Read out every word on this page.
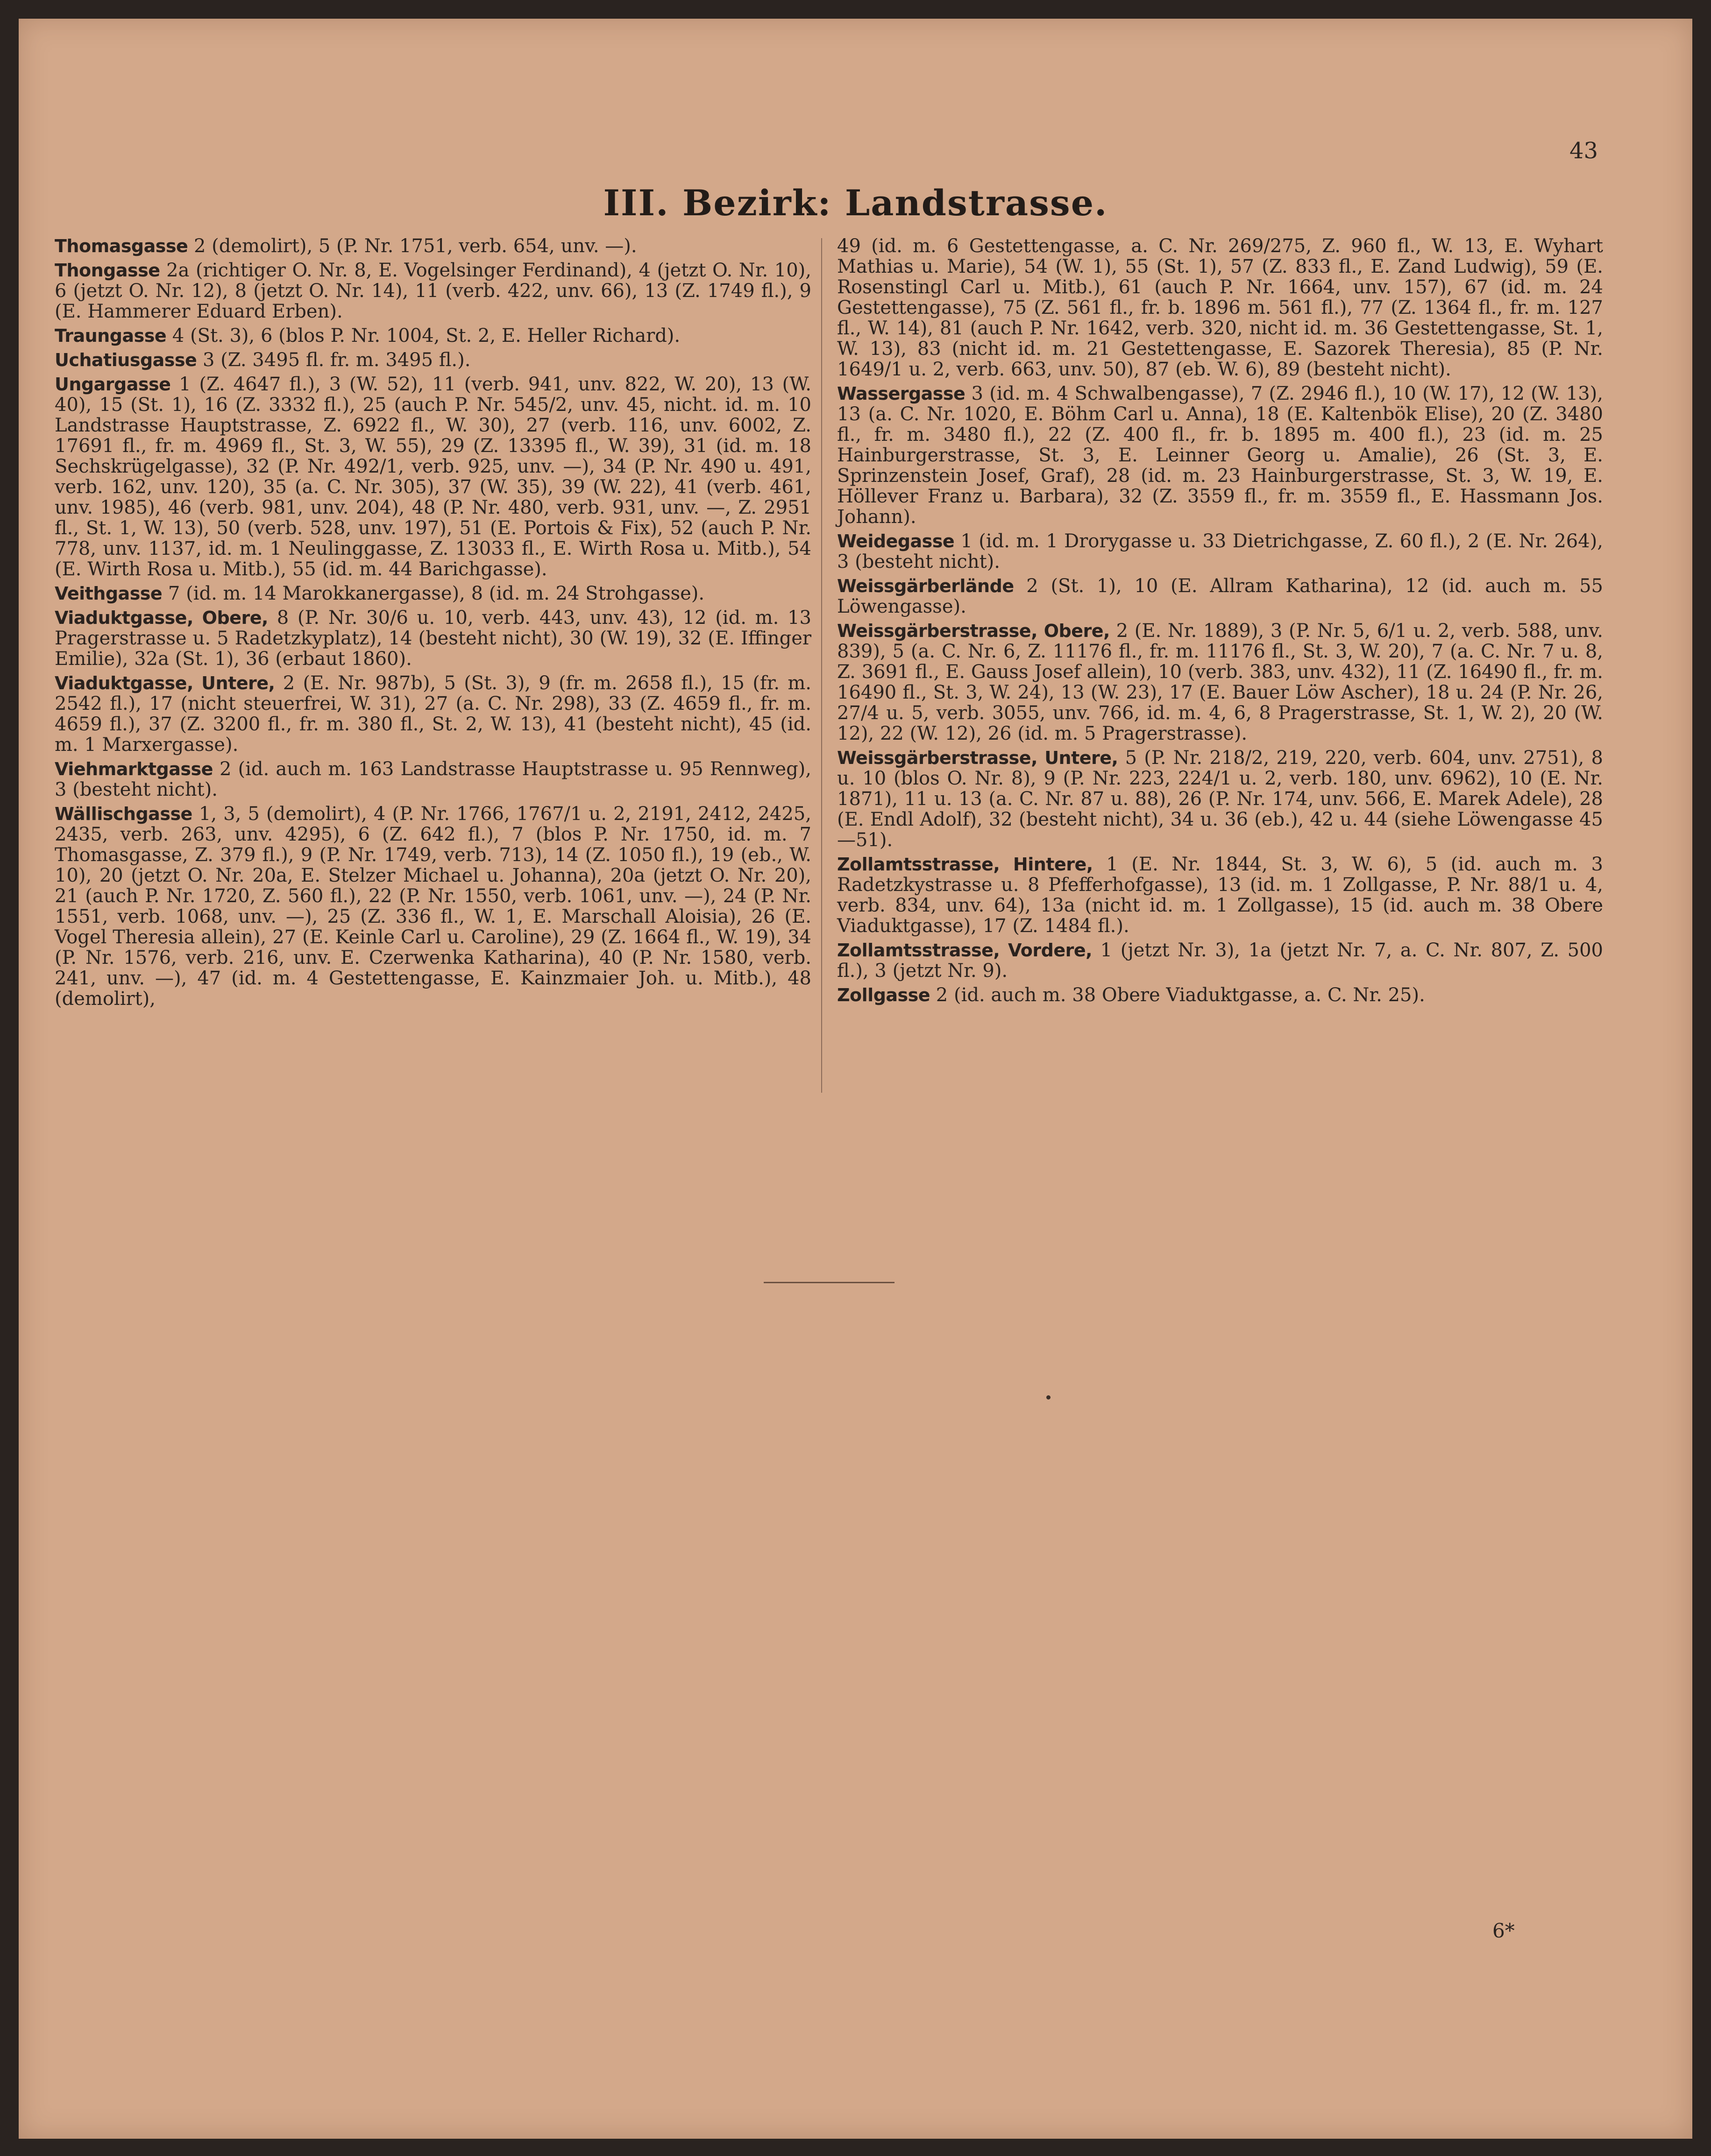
43
III. Bezirk: Landstrasse.

Thomasgasse 2 (demolirt), 5 (P. Nr. 1751, verb. 654, unv. —).

Thongasse 2a (richtiger O. Nr. 8, E. Vogelsinger Ferdinand), 4 (jetzt O. Nr. 10), 6 (jetzt O. Nr. 12), 8 (jetzt O. Nr. 14), 11 (verb. 422, unv. 66), 13 (Z. 1749 fl.), 9 (E. Hammerer Eduard Erben).

Traungasse 4 (St. 3), 6 (blos P. Nr. 1004, St. 2, E. Heller Richard).

Uchatiusgasse 3 (Z. 3495 fl. fr. m. 3495 fl.).

Ungargasse 1 (Z. 4647 fl.), 3 (W. 52), 11 (verb. 941, unv. 822, W. 20), 13 (W. 40), 15 (St. 1), 16 (Z. 3332 fl.), 25 (auch P. Nr. 545/2, unv. 45, nicht. id. m. 10 Landstrasse Hauptstrasse, Z. 6922 fl., W. 30), 27 (verb. 116, unv. 6002, Z. 17691 fl., fr. m. 4969 fl., St. 3, W. 55), 29 (Z. 13395 fl., W. 39), 31 (id. m. 18 Sechskrügelgasse), 32 (P. Nr. 492/1, verb. 925, unv. —), 34 (P. Nr. 490 u. 491, verb. 162, unv. 120), 35 (a. C. Nr. 305), 37 (W. 35), 39 (W. 22), 41 (verb. 461, unv. 1985), 46 (verb. 981, unv. 204), 48 (P. Nr. 480, verb. 931, unv. —, Z. 2951 fl., St. 1, W. 13), 50 (verb. 528, unv. 197), 51 (E. Portois & Fix), 52 (auch P. Nr. 778, unv. 1137, id. m. 1 Neulinggasse, Z. 13033 fl., E. Wirth Rosa u. Mitb.), 54 (E. Wirth Rosa u. Mitb.), 55 (id. m. 44 Barichgasse).

Veithgasse 7 (id. m. 14 Marokkanergasse), 8 (id. m. 24 Strohgasse).

Viaduktgasse, Obere, 8 (P. Nr. 30/6 u. 10, verb. 443, unv. 43), 12 (id. m. 13 Pragerstrasse u. 5 Radetzkyplatz), 14 (besteht nicht), 30 (W. 19), 32 (E. Iffinger Emilie), 32a (St. 1), 36 (erbaut 1860).

Viaduktgasse, Untere, 2 (E. Nr. 987b), 5 (St. 3), 9 (fr. m. 2658 fl.), 15 (fr. m. 2542 fl.), 17 (nicht steuerfrei, W. 31), 27 (a. C. Nr. 298), 33 (Z. 4659 fl., fr. m. 4659 fl.), 37 (Z. 3200 fl., fr. m. 380 fl., St. 2, W. 13), 41 (besteht nicht), 45 (id. m. 1 Marxergasse).

Viehmarktgasse 2 (id. auch m. 163 Landstrasse Hauptstrasse u. 95 Rennweg), 3 (besteht nicht).

Wällischgasse 1, 3, 5 (demolirt), 4 (P. Nr. 1766, 1767/1 u. 2, 2191, 2412, 2425, 2435, verb. 263, unv. 4295), 6 (Z. 642 fl.), 7 (blos P. Nr. 1750, id. m. 7 Thomasgasse, Z. 379 fl.), 9 (P. Nr. 1749, verb. 713), 14 (Z. 1050 fl.), 19 (eb., W. 10), 20 (jetzt O. Nr. 20a, E. Stelzer Michael u. Johanna), 20a (jetzt O. Nr. 20), 21 (auch P. Nr. 1720, Z. 560 fl.), 22 (P. Nr. 1550, verb. 1061, unv. —), 24 (P. Nr. 1551, verb. 1068, unv. —), 25 (Z. 336 fl., W. 1, E. Marschall Aloisia), 26 (E. Vogel Theresia allein), 27 (E. Keinle Carl u. Caroline), 29 (Z. 1664 fl., W. 19), 34 (P. Nr. 1576, verb. 216, unv. E. Czerwenka Katharina), 40 (P. Nr. 1580, verb. 241, unv. —), 47 (id. m. 4 Gestettengasse, E. Kainzmaier Joh. u. Mitb.), 48 (demolirt),

49 (id. m. 6 Gestettengasse, a. C. Nr. 269/275, Z. 960 fl., W. 13, E. Wyhart Mathias u. Marie), 54 (W. 1), 55 (St. 1), 57 (Z. 833 fl., E. Zand Ludwig), 59 (E. Rosenstingl Carl u. Mitb.), 61 (auch P. Nr. 1664, unv. 157), 67 (id. m. 24 Gestettengasse), 75 (Z. 561 fl., fr. b. 1896 m. 561 fl.), 77 (Z. 1364 fl., fr. m. 127 fl., W. 14), 81 (auch P. Nr. 1642, verb. 320, nicht id. m. 36 Gestettengasse, St. 1, W. 13), 83 (nicht id. m. 21 Gestettengasse, E. Sazorek Theresia), 85 (P. Nr. 1649/1 u. 2, verb. 663, unv. 50), 87 (eb. W. 6), 89 (besteht nicht).

Wassergasse 3 (id. m. 4 Schwalbengasse), 7 (Z. 2946 fl.), 10 (W. 17), 12 (W. 13), 13 (a. C. Nr. 1020, E. Böhm Carl u. Anna), 18 (E. Kaltenbök Elise), 20 (Z. 3480 fl., fr. m. 3480 fl.), 22 (Z. 400 fl., fr. b. 1895 m. 400 fl.), 23 (id. m. 25 Hainburgerstrasse, St. 3, E. Leinner Georg u. Amalie), 26 (St. 3, E. Sprinzenstein Josef, Graf), 28 (id. m. 23 Hainburgerstrasse, St. 3, W. 19, E. Höllever Franz u. Barbara), 32 (Z. 3559 fl., fr. m. 3559 fl., E. Hassmann Jos. Johann).

Weidegasse 1 (id. m. 1 Drorygasse u. 33 Dietrichgasse, Z. 60 fl.), 2 (E. Nr. 264), 3 (besteht nicht).

Weissgärberlände 2 (St. 1), 10 (E. Allram Katharina), 12 (id. auch m. 55 Löwengasse).

Weissgärberstrasse, Obere, 2 (E. Nr. 1889), 3 (P. Nr. 5, 6/1 u. 2, verb. 588, unv. 839), 5 (a. C. Nr. 6, Z. 11176 fl., fr. m. 11176 fl., St. 3, W. 20), 7 (a. C. Nr. 7 u. 8, Z. 3691 fl., E. Gauss Josef allein), 10 (verb. 383, unv. 432), 11 (Z. 16490 fl., fr. m. 16490 fl., St. 3, W. 24), 13 (W. 23), 17 (E. Bauer Löw Ascher), 18 u. 24 (P. Nr. 26, 27/4 u. 5, verb. 3055, unv. 766, id. m. 4, 6, 8 Pragerstrasse, St. 1, W. 2), 20 (W. 12), 22 (W. 12), 26 (id. m. 5 Pragerstrasse).

Weissgärberstrasse, Untere, 5 (P. Nr. 218/2, 219, 220, verb. 604, unv. 2751), 8 u. 10 (blos O. Nr. 8), 9 (P. Nr. 223, 224/1 u. 2, verb. 180, unv. 6962), 10 (E. Nr. 1871), 11 u. 13 (a. C. Nr. 87 u. 88), 26 (P. Nr. 174, unv. 566, E. Marek Adele), 28 (E. Endl Adolf), 32 (besteht nicht), 34 u. 36 (eb.), 42 u. 44 (siehe Löwengasse 45—51).

Zollamtsstrasse, Hintere, 1 (E. Nr. 1844, St. 3, W. 6), 5 (id. auch m. 3 Radetzkystrasse u. 8 Pfefferhofgasse), 13 (id. m. 1 Zollgasse, P. Nr. 88/1 u. 4, verb. 834, unv. 64), 13a (nicht id. m. 1 Zollgasse), 15 (id. auch m. 38 Obere Viaduktgasse), 17 (Z. 1484 fl.).

Zollamtsstrasse, Vordere, 1 (jetzt Nr. 3), 1a (jetzt Nr. 7, a. C. Nr. 807, Z. 500 fl.), 3 (jetzt Nr. 9).

Zollgasse 2 (id. auch m. 38 Obere Viaduktgasse, a. C. Nr. 25).

6*
